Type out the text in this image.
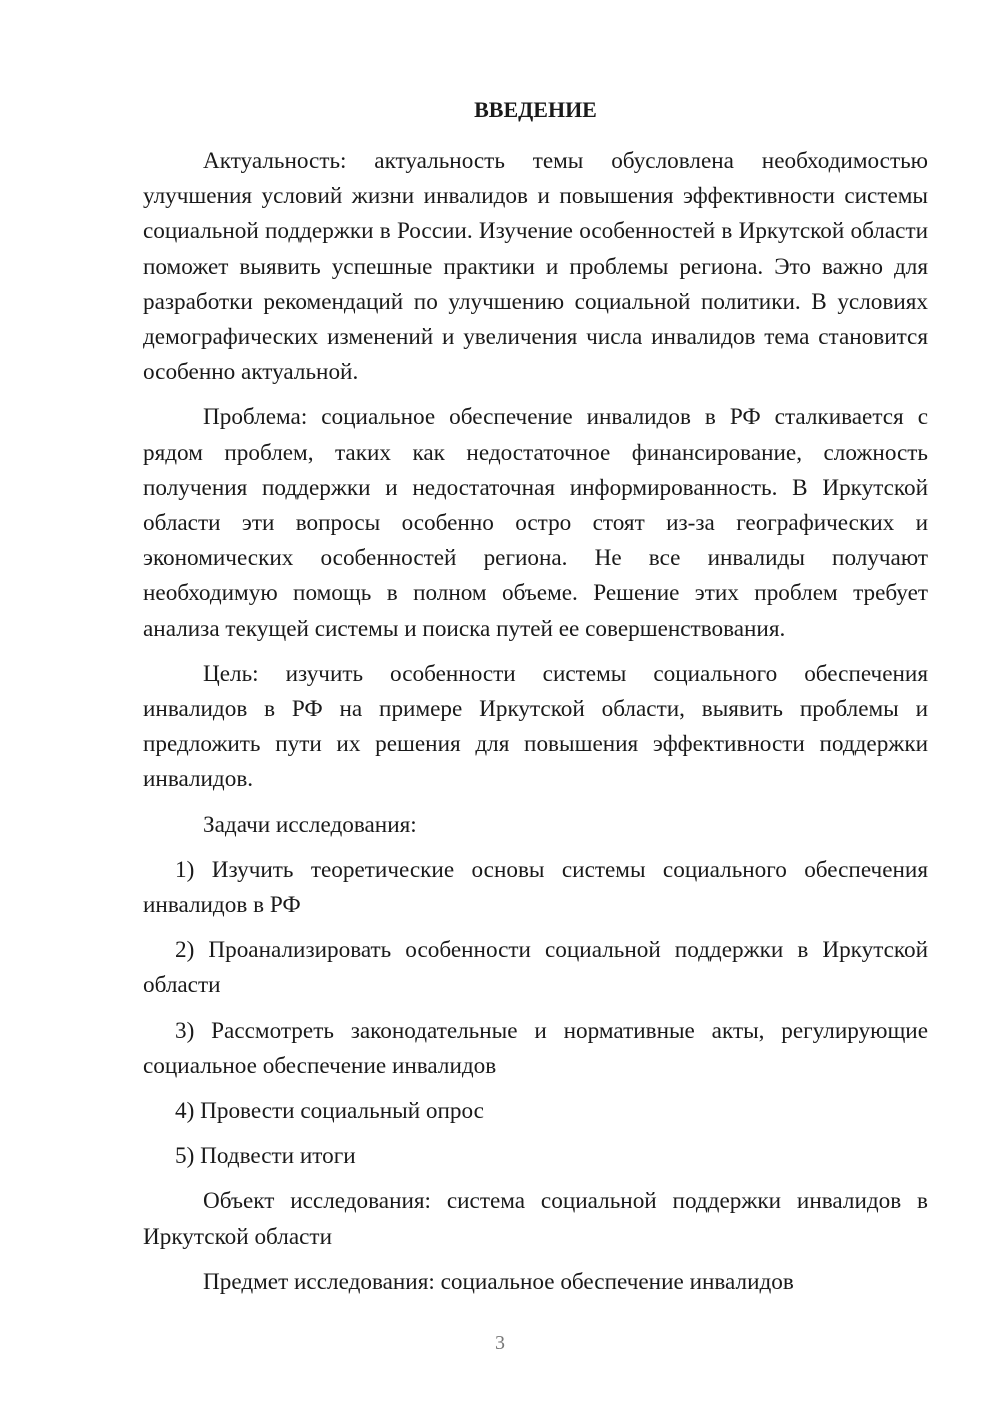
ВВЕДЕНИЕ

Актуальность: актуальность темы обусловлена необходимостью улучшения условий жизни инвалидов и повышения эффективности системы социальной поддержки в России. Изучение особенностей в Иркутской области поможет выявить успешные практики и проблемы региона. Это важно для разработки рекомендаций по улучшению социальной политики. В условиях демографических изменений и увеличения числа инвалидов тема становится особенно актуальной.

Проблема: социальное обеспечение инвалидов в РФ сталкивается с рядом проблем, таких как недостаточное финансирование, сложность получения поддержки и недостаточная информированность. В Иркутской области эти вопросы особенно остро стоят из-за географических и экономических особенностей региона. Не все инвалиды получают необходимую помощь в полном объеме. Решение этих проблем требует анализа текущей системы и поиска путей ее совершенствования.

Цель: изучить особенности системы социального обеспечения инвалидов в РФ на примере Иркутской области, выявить проблемы и предложить пути их решения для повышения эффективности поддержки инвалидов.

Задачи исследования:

1) Изучить теоретические основы системы социального обеспечения инвалидов в РФ

2) Проанализировать особенности социальной поддержки в Иркутской области

3) Рассмотреть законодательные и нормативные акты, регулирующие социальное обеспечение инвалидов

4) Провести социальный опрос

5) Подвести итоги

Объект исследования: система социальной поддержки инвалидов в Иркутской области

Предмет исследования: социальное обеспечение инвалидов

3
